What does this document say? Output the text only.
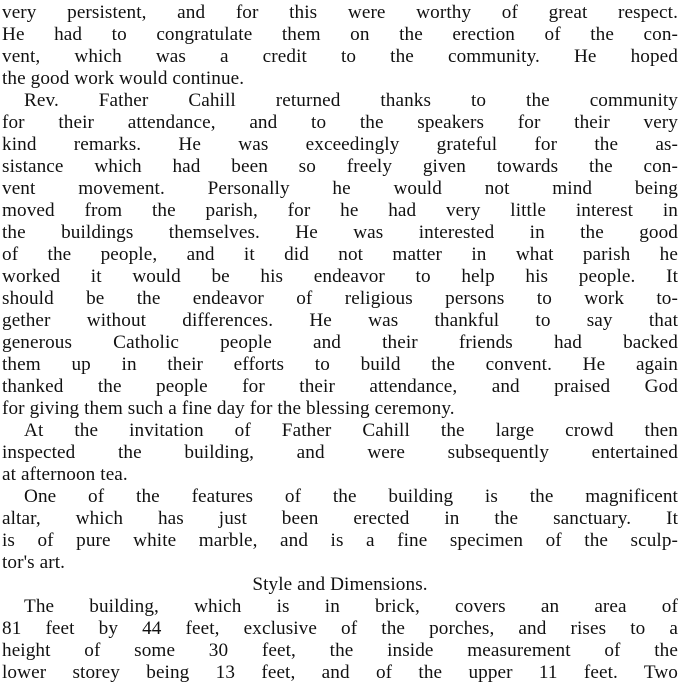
very persistent, and for this were worthy of great respect.
He had to congratulate them on the erection of the con-
vent, which was a credit to the community. He hoped
the good work would continue.
Rev. Father Cahill returned thanks to the community
for their attendance, and to the speakers for their very
kind remarks. He was exceedingly grateful for the as-
sistance which had been so freely given towards the con-
vent movement. Personally he would not mind being
moved from the parish, for he had very little interest in
the buildings themselves. He was interested in the good
of the people, and it did not matter in what parish he
worked it would be his endeavor to help his people. It
should be the endeavor of religious persons to work to-
gether without differences. He was thankful to say that
generous Catholic people and their friends had backed
them up in their efforts to build the convent. He again
thanked the people for their attendance, and praised God
for giving them such a fine day for the blessing ceremony.
At the invitation of Father Cahill the large crowd then
inspected the building, and were subsequently entertained
at afternoon tea.
One of the features of the building is the magnificent
altar, which has just been erected in the sanctuary. It
is of pure white marble, and is a fine specimen of the sculp-
tor's art.
Style and Dimensions.
The building, which is in brick, covers an area of
81 feet by 44 feet, exclusive of the porches, and rises to a
height of some 30 feet, the inside measurement of the
lower storey being 13 feet, and of the upper 11 feet. Two
